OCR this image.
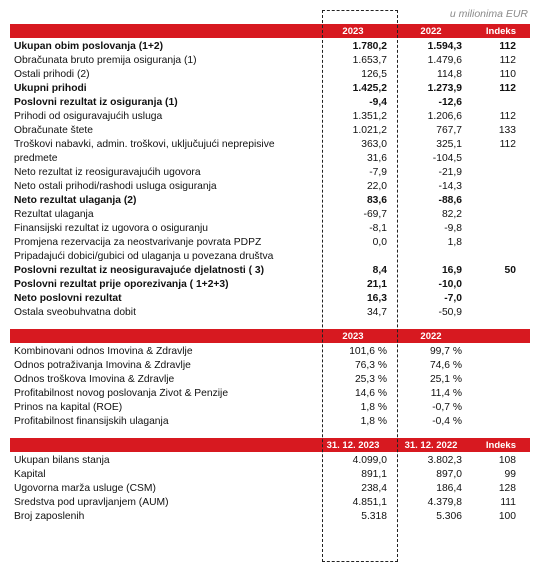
u milionima EUR
2023	2022	Indeks
Ukupan obim poslovanja (1+2)	1.780,2	1.594,3	112
Obračunata bruto premija osiguranja (1)	1.653,7	1.479,6	112
Ostali prihodi (2)	126,5	114,8	110
Ukupni prihodi	1.425,2	1.273,9	112
Poslovni rezultat iz osiguranja (1)	-9,4	-12,6
Prihodi od osiguravajućih usluga	1.351,2	1.206,6	112
Obračunate štete	1.021,2	767,7	133
Troškovi nabavki, admin. troškovi, uključujući neprepisive	363,0	325,1	112
predmete	31,6	-104,5
Neto rezultat iz reosiguravajućih ugovora	-7,9	-21,9
Neto ostali prihodi/rashodi usluga osiguranja	22,0	-14,3
Neto rezultat ulaganja (2)	83,6	-88,6
Rezultat ulaganja	-69,7	82,2
Finansijski rezultat iz ugovora o osiguranju	-8,1	-9,8
Promjena rezervacija za neostvarivanje povrata PDPZ	0,0	1,8
Pripadajući dobici/gubici od ulaganja u povezana društva
Poslovni rezultat iz neosiguravajuće djelatnosti ( 3)	8,4	16,9	50
Poslovni rezultat prije oporezivanja ( 1+2+3)	21,1	-10,0
Neto poslovni rezultat	16,3	-7,0
Ostala sveobuhvatna dobit	34,7	-50,9
2023	2022
Kombinovani odnos Imovina & Zdravlje	101,6 %	99,7 %
Odnos potraživanja Imovina & Zdravlje	76,3 %	74,6 %
Odnos troškova Imovina & Zdravlje	25,3 %	25,1 %
Profitabilnost novog poslovanja Život & Penzije	14,6 %	11,4 %
Prinos na kapital (ROE)	1,8 %	-0,7 %
Profitabilnost finansijskih ulaganja	1,8 %	-0,4 %
31. 12. 2023	31. 12. 2022	Indeks
Ukupan bilans stanja	4.099,0	3.802,3	108
Kapital	891,1	897,0	99
Ugovorna marža usluge (CSM)	238,4	186,4	128
Sredstva pod upravljanjem (AUM)	4.851,1	4.379,8	111
Broj zaposlenih	5.318	5.306	100
